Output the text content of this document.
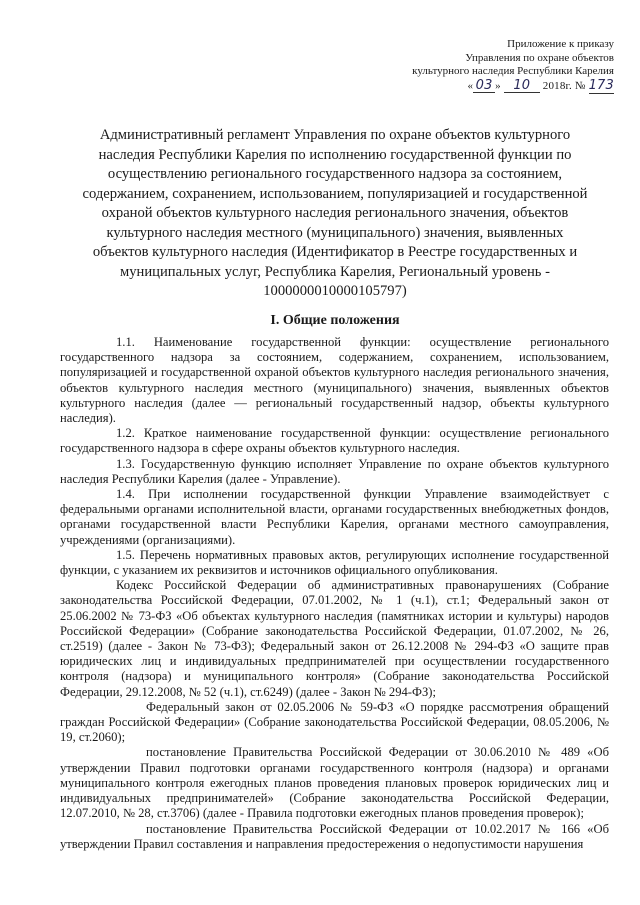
Приложение к приказу
Управления по охране объектов
культурного наследия Республики Карелия
« 03 » 10 2018г. № 173
Административный регламент Управления по охране объектов культурного наследия Республики Карелия по исполнению государственной функции по осуществлению регионального государственного надзора за состоянием, содержанием, сохранением, использованием, популяризацией и государственной охраной объектов культурного наследия регионального значения, объектов культурного наследия местного (муниципального) значения, выявленных объектов культурного наследия (Идентификатор в Реестре государственных и муниципальных услуг, Республика Карелия, Региональный уровень - 1000000010000105797)
I. Общие положения

1.1. Наименование государственной функции: осуществление регионального государственного надзора за состоянием, содержанием, сохранением, использованием, популяризацией и государственной охраной объектов культурного наследия регионального значения, объектов культурного наследия местного (муниципального) значения, выявленных объектов культурного наследия (далее — региональный государственный надзор, объекты культурного наследия).

1.2. Краткое наименование государственной функции: осуществление регионального государственного надзора в сфере охраны объектов культурного наследия.

1.3. Государственную функцию исполняет Управление по охране объектов культурного наследия Республики Карелия (далее - Управление).

1.4. При исполнении государственной функции Управление взаимодействует с федеральными органами исполнительной власти, органами государственных внебюджетных фондов, органами государственной власти Республики Карелия, органами местного самоуправления, учреждениями (организациями).

1.5. Перечень нормативных правовых актов, регулирующих исполнение государственной функции, с указанием их реквизитов и источников официального опубликования.

Кодекс Российской Федерации об административных правонарушениях (Собрание законодательства Российской Федерации, 07.01.2002, № 1 (ч.1), ст.1; Федеральный закон от 25.06.2002 № 73-ФЗ «Об объектах культурного наследия (памятниках истории и культуры) народов Российской Федерации» (Собрание законодательства Российской Федерации, 01.07.2002, № 26, ст.2519) (далее - Закон № 73-ФЗ); Федеральный закон от 26.12.2008 № 294-ФЗ «О защите прав юридических лиц и индивидуальных предпринимателей при осуществлении государственного контроля (надзора) и муниципального контроля» (Собрание законодательства Российской Федерации, 29.12.2008, № 52 (ч.1), ст.6249) (далее - Закон № 294-ФЗ);

Федеральный закон от 02.05.2006 № 59-ФЗ «О порядке рассмотрения обращений граждан Российской Федерации» (Собрание законодательства Российской Федерации, 08.05.2006, № 19, ст.2060);

постановление Правительства Российской Федерации от 30.06.2010 № 489 «Об утверждении Правил подготовки органами государственного контроля (надзора) и органами муниципального контроля ежегодных планов проведения плановых проверок юридических лиц и индивидуальных предпринимателей» (Собрание законодательства Российской Федерации, 12.07.2010, № 28, ст.3706) (далее - Правила подготовки ежегодных планов проведения проверок);

постановление Правительства Российской Федерации от 10.02.2017 № 166 «Об утверждении Правил составления и направления предостережения о недопустимости нарушения
